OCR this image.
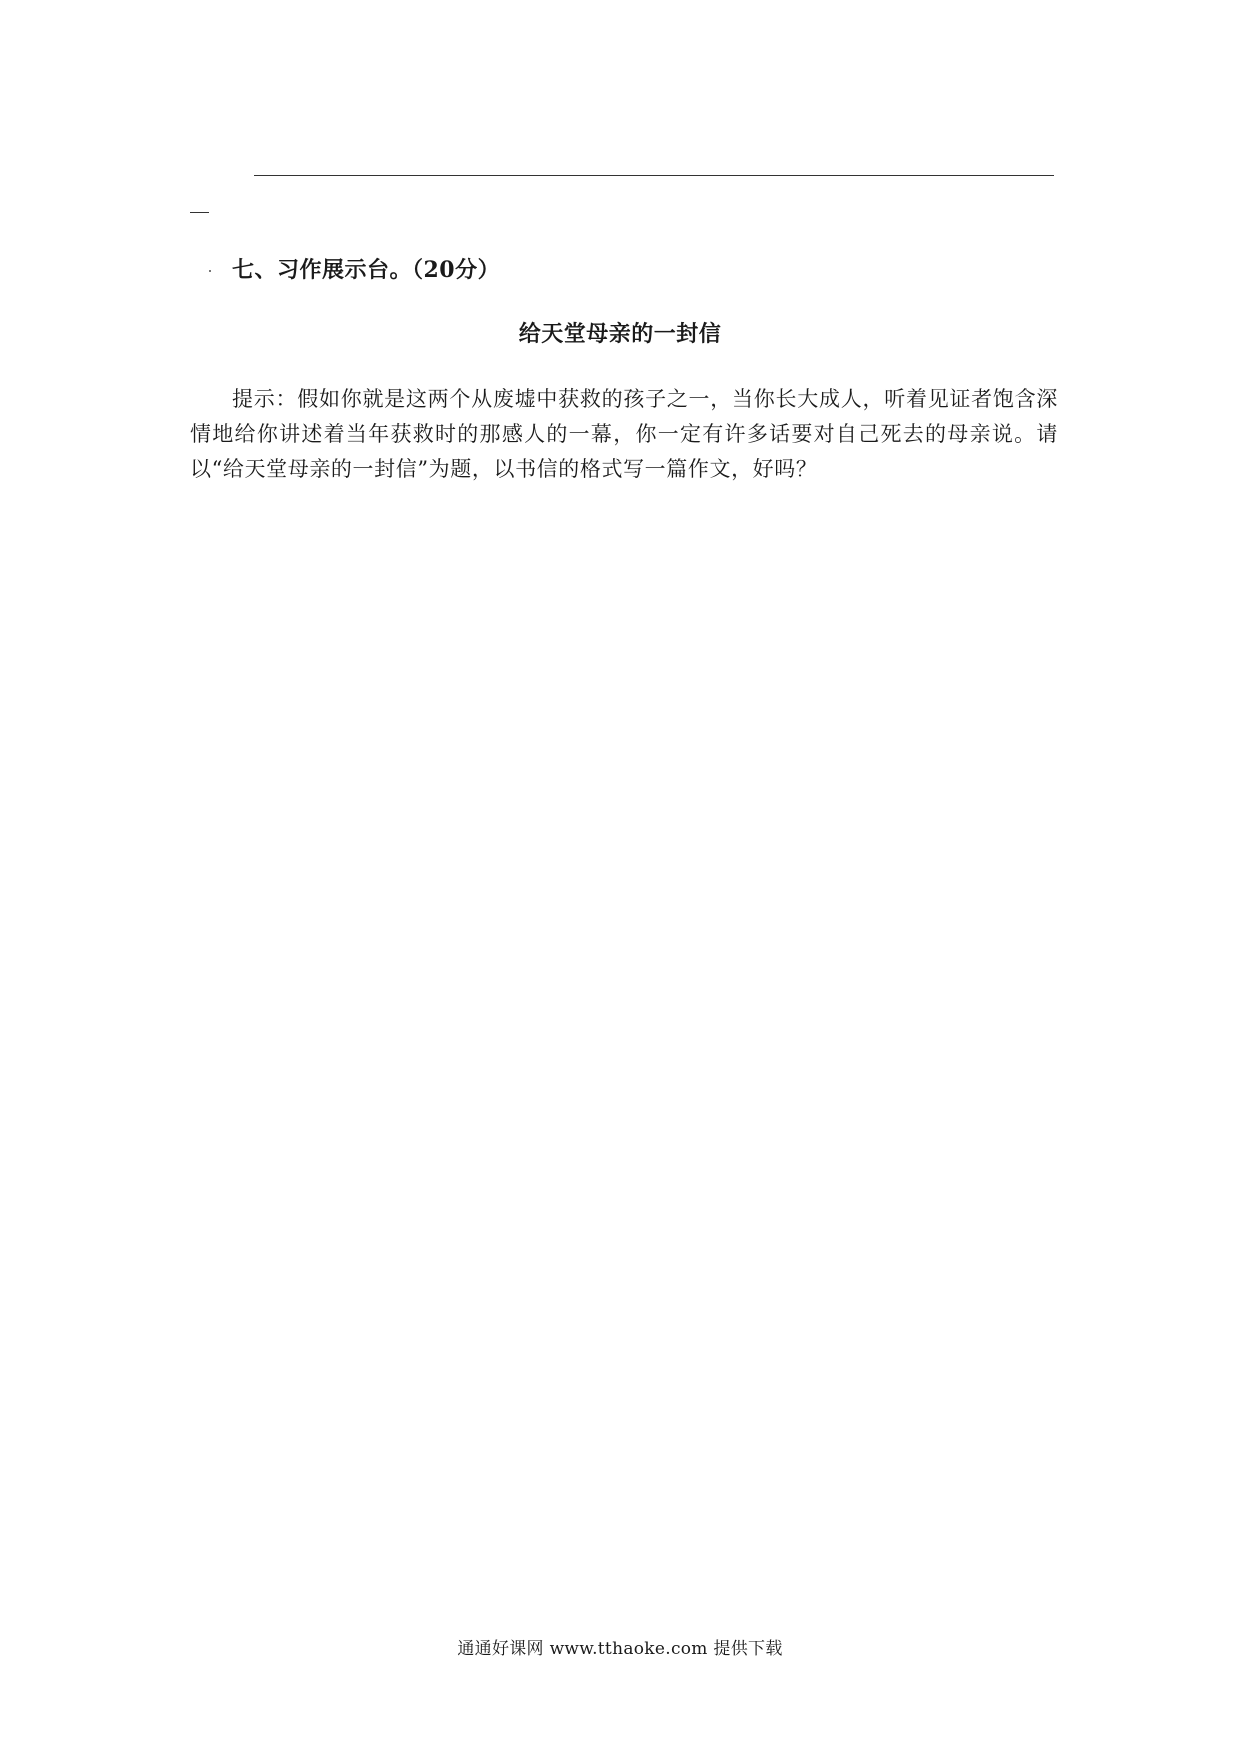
七、习作展示台。（20分）
给天堂母亲的一封信

提示：假如你就是这两个从废墟中获救的孩子之一，当你长大成人，听着见证者饱含深情地给你讲述着当年获救时的那感人的一幕，你一定有许多话要对自己死去的母亲说。请以“给天堂母亲的一封信”为题，以书信的格式写一篇作文，好吗？

通通好课网 www.tthaoke.com 提供下载
